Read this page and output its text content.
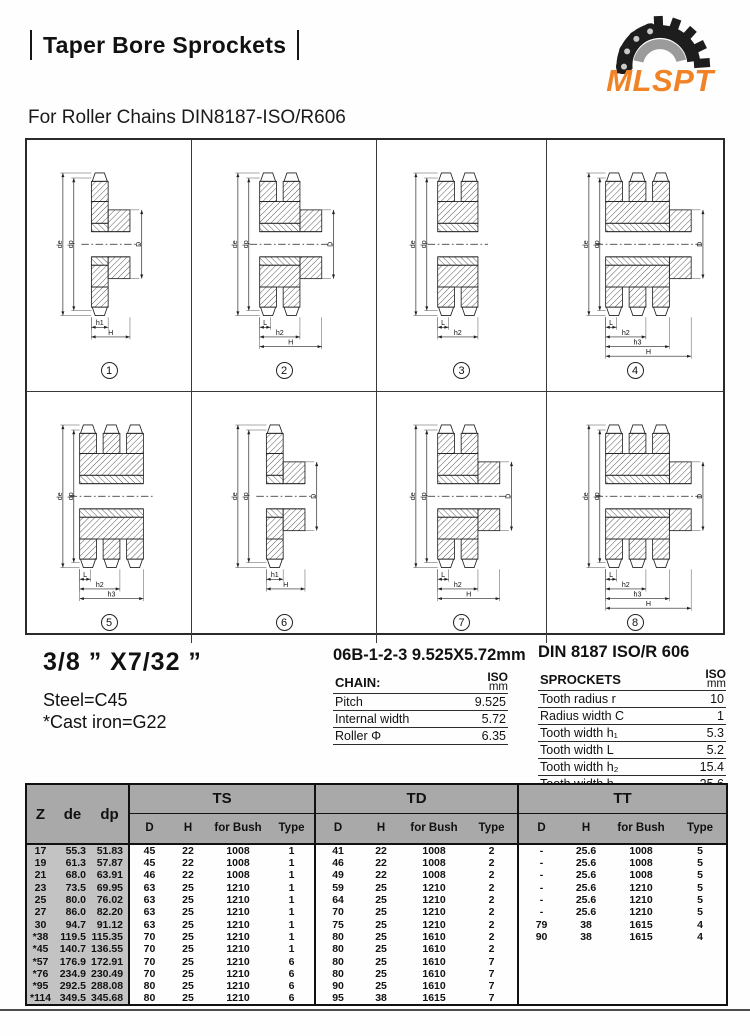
Taper Bore Sprockets
MLSPT
For Roller Chains DIN8187-ISO/R606
de dp	D
h1
H
1
de dp	D
L
h2
H
2
de dp
L
h2
3
de dp	D
L
h2
h3
H
4
de dp
L
h2
h3
5
de dp	D
h1
H
6
de dp	D
L
h2
H
7
de dp	D
L
h2
h3
H
8
3/8 ” X7/32 ”
Steel=C45
*Cast iron=G22
06B-1-2-3 9.525X5.72mm
CHAIN:	ISO
mm

Pitch	9.525
Internal width	5.72
Roller Φ	6.35
DIN 8187 ISO/R 606
SPROCKETS	ISO
mm

Tooth radius r	10
Radius width C	1
Tooth width h₁	5.3
Tooth width L	5.2
Tooth width h₂	15.4

Z	de	dp	TS				TD				TT			
			D	H	for Bush	Type	D	H	for Bush	Type	D	H	for Bush	Type
17	55.3	51.83	45	22	1008	1	41	22	1008	2	-	25.6	1008	5
19	61.3	57.87	45	22	1008	1	46	22	1008	2	-	25.6	1008	5
21	68.0	63.91	46	22	1008	1	49	22	1008	2	-	25.6	1008	5
23	73.5	69.95	63	25	1210	1	59	25	1210	2	-	25.6	1210	5
25	80.0	76.02	63	25	1210	1	64	25	1210	2	-	25.6	1210	5
27	86.0	82.20	63	25	1210	1	70	25	1210	2	-	25.6	1210	5
30	94.7	91.12	63	25	1210	1	75	25	1210	2	79	38	1615	4
*38	119.5	115.35	70	25	1210	1	80	25	1610	2	90	38	1615	4
*45	140.7	136.55	70	25	1210	1	80	25	1610	2				
*57	176.9	172.91	70	25	1210	6	80	25	1610	7				
*76	234.9	230.49	70	25	1210	6	80	25	1610	7				
*95	292.5	288.08	80	25	1210	6	90	25	1610	7				
*114	349.5	345.68	80	25	1210	6	95	38	1615	7				
